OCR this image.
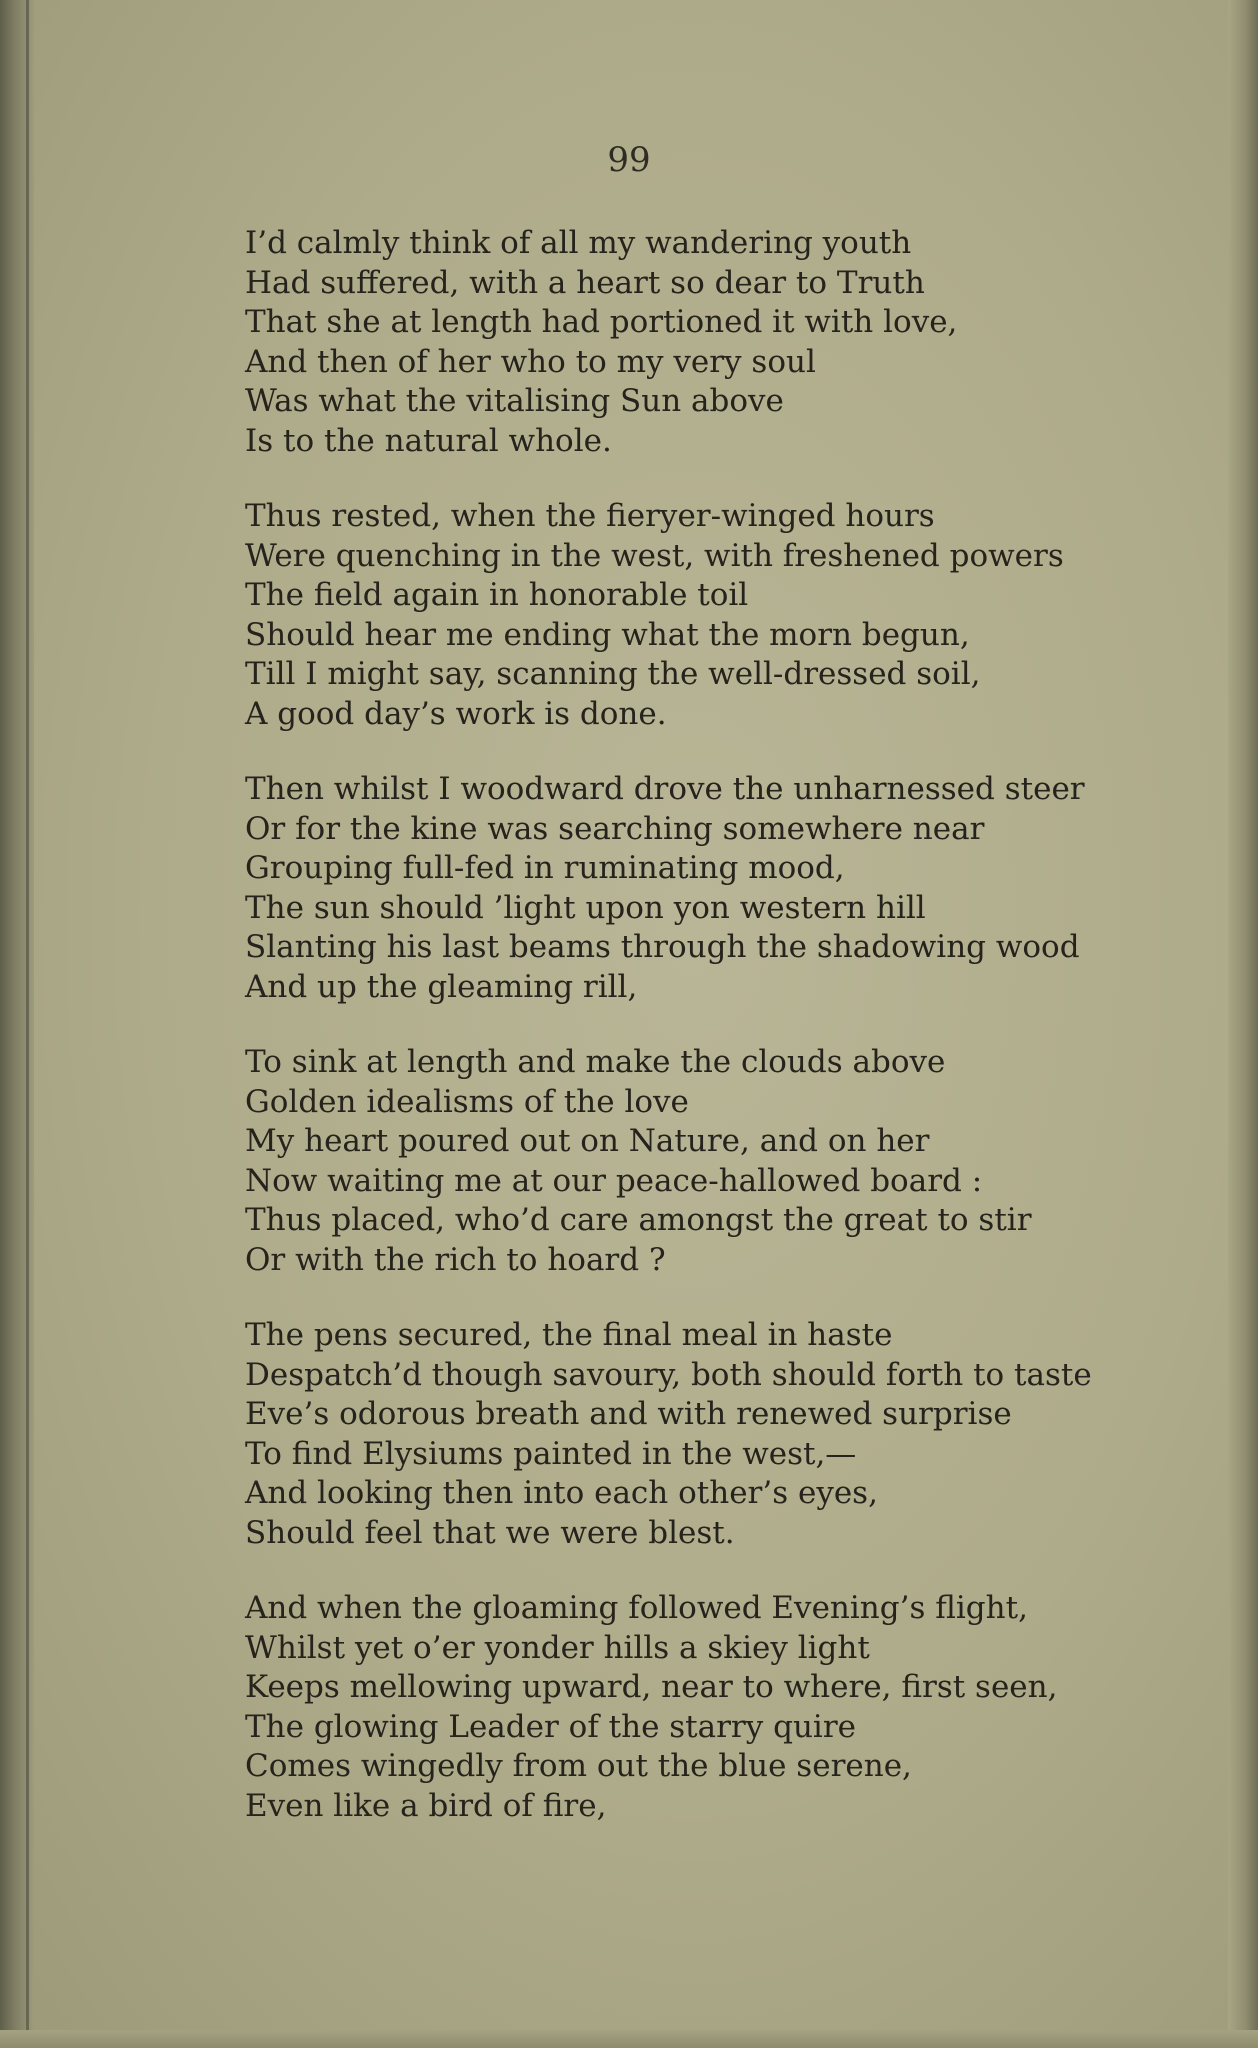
99

I’d calmly think of all my wandering youth
Had suffered, with a heart so dear to Truth
That she at length had portioned it with love,
And then of her who to my very soul
Was what the vitalising Sun above
Is to the natural whole.
Thus rested, when the fieryer-winged hours
Were quenching in the west, with freshened powers
The field again in honorable toil
Should hear me ending what the morn begun,
Till I might say, scanning the well-dressed soil,
A good day’s work is done.
Then whilst I woodward drove the unharnessed steer
Or for the kine was searching somewhere near
Grouping full-fed in ruminating mood,
The sun should ’light upon yon western hill
Slanting his last beams through the shadowing wood
And up the gleaming rill,
To sink at length and make the clouds above
Golden idealisms of the love
My heart poured out on Nature, and on her
Now waiting me at our peace-hallowed board :
Thus placed, who’d care amongst the great to stir
Or with the rich to hoard ?
The pens secured, the final meal in haste
Despatch’d though savoury, both should forth to taste
Eve’s odorous breath and with renewed surprise
To find Elysiums painted in the west,—
And looking then into each other’s eyes,
Should feel that we were blest.
And when the gloaming followed Evening’s flight,
Whilst yet o’er yonder hills a skiey light
Keeps mellowing upward, near to where, first seen,
The glowing Leader of the starry quire
Comes wingedly from out the blue serene,
Even like a bird of fire,
